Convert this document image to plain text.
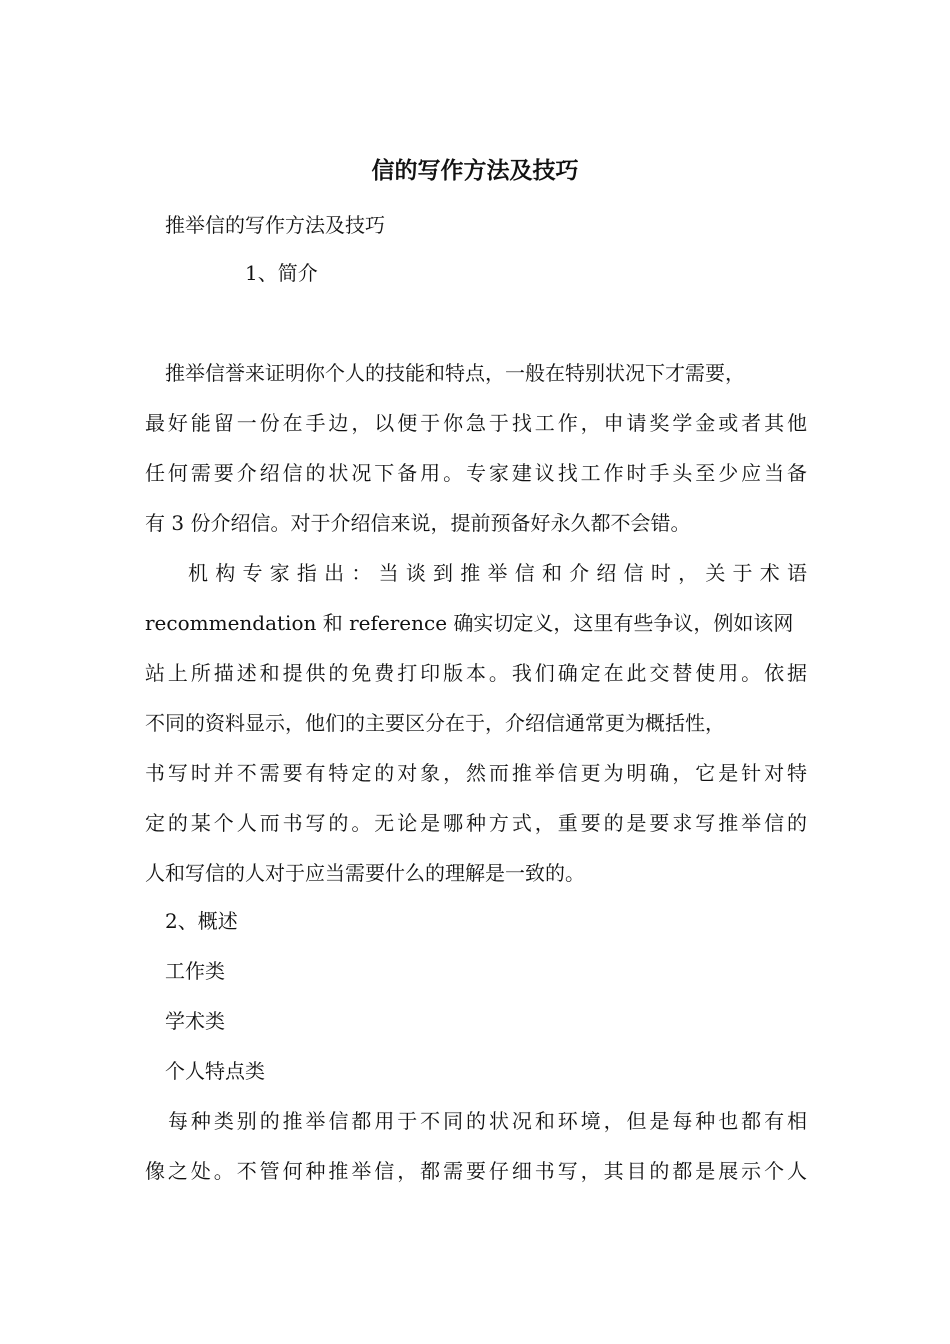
信的写作方法及技巧
推举信的写作方法及技巧
1、简介
推举信誉来证明你个人的技能和特点，一般在特别状况下才需要，
最好能留一份在手边，以便于你急于找工作，申请奖学金或者其他
任何需要介绍信的状况下备用。专家建议找工作时手头至少应当备
有 3 份介绍信。对于介绍信来说，提前预备好永久都不会错。
机构专家指出：当谈到推举信和介绍信时，关于术语
recommendation 和 reference 确实切定义，这里有些争议，例如该网
站上所描述和提供的免费打印版本。我们确定在此交替使用。依据
不同的资料显示，他们的主要区分在于，介绍信通常更为概括性，
书写时并不需要有特定的对象，然而推举信更为明确，它是针对特
定的某个人而书写的。无论是哪种方式，重要的是要求写推举信的
人和写信的人对于应当需要什么的理解是一致的。
2、概述
工作类
学术类
个人特点类
每种类别的推举信都用于不同的状况和环境，但是每种也都有相
像之处。不管何种推举信，都需要仔细书写，其目的都是展示个人
